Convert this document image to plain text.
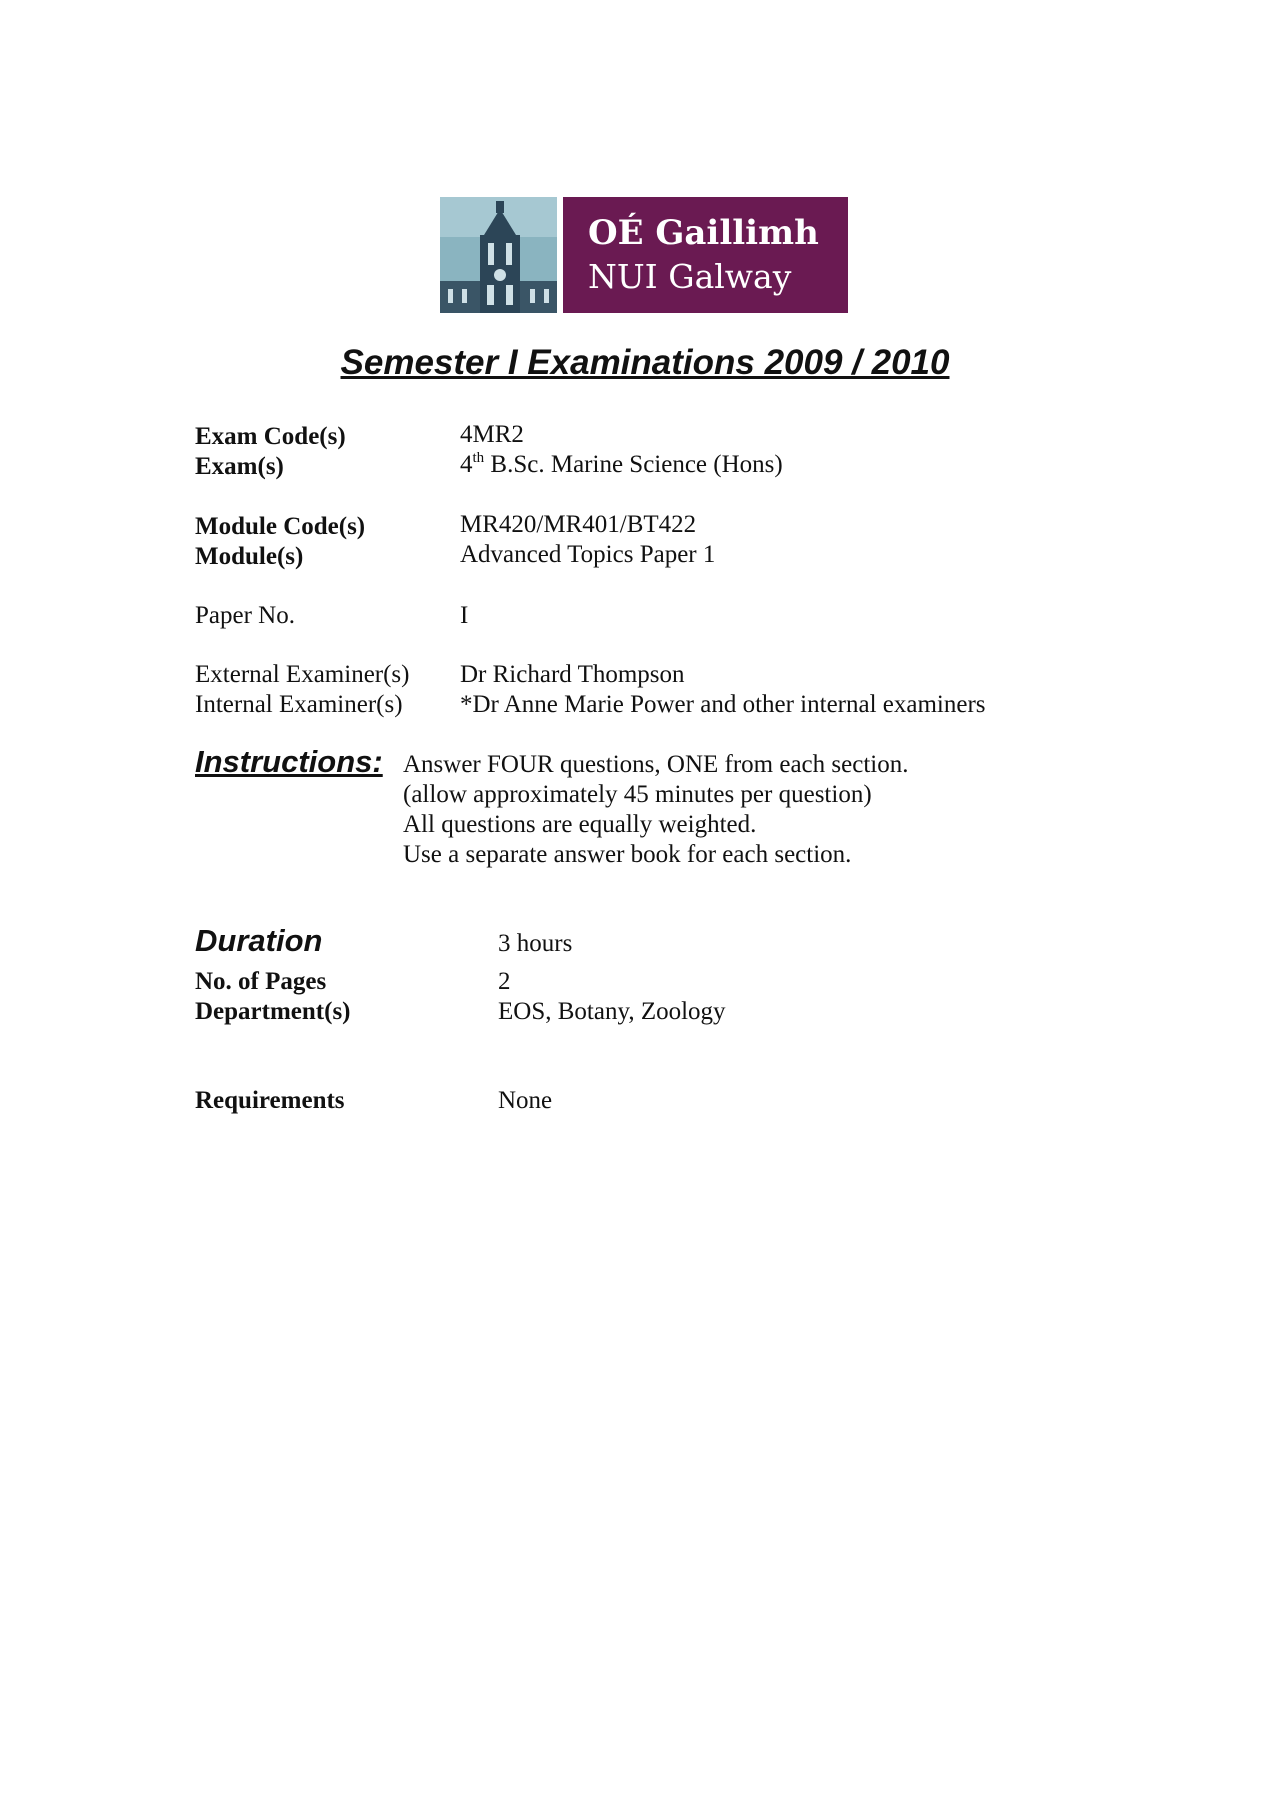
OÉ Gaillimh
NUI Galway
Semester I Examinations 2009 / 2010

Exam Code(s)	4MR2

Exam(s)	4th B.Sc. Marine Science (Hons)

Module Code(s)	MR420/MR401/BT422

Module(s)	Advanced Topics Paper 1

Paper No.	I

External Examiner(s) Dr Richard Thompson

Internal Examiner(s) *Dr Anne Marie Power and other internal examiners

Instructions: Answer FOUR questions, ONE from each section.

(allow approximately 45 minutes per question)

All questions are equally weighted.

Use a separate answer book for each section.

Duration	3 hours

No. of Pages	2

Department(s)	EOS, Botany, Zoology

Requirements	None
